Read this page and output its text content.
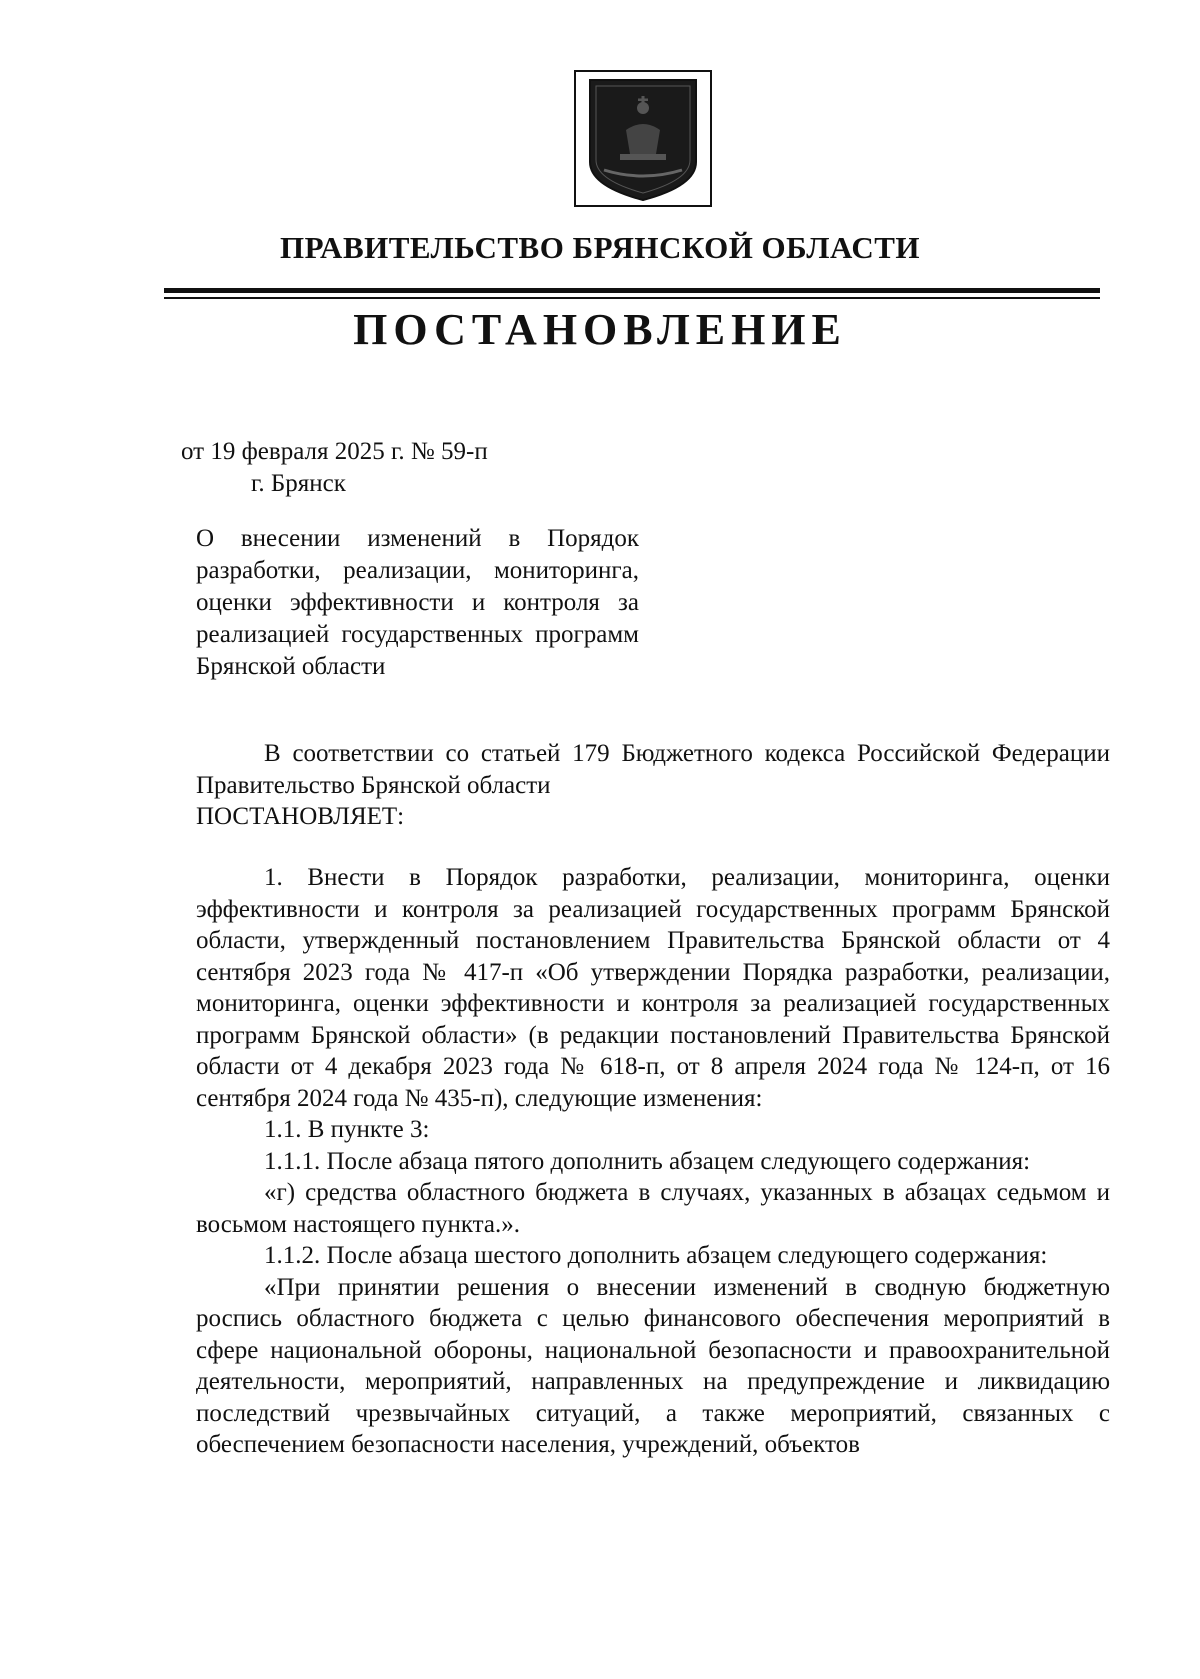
ПРАВИТЕЛЬСТВО БРЯНСКОЙ ОБЛАСТИ
ПОСТАНОВЛЕНИЕ
от 19 февраля 2025 г. № 59-п
г. Брянск
О внесении изменений в Порядок разработки, реализации, мониторинга, оценки эффективности и контроля за реализацией государственных программ Брянской области

В соответствии со статьей 179 Бюджетного кодекса Российской Федерации Правительство Брянской области

ПОСТАНОВЛЯЕТ:

1. Внести в Порядок разработки, реализации, мониторинга, оценки эффективности и контроля за реализацией государственных программ Брянской области, утвержденный постановлением Правительства Брянской области от 4 сентября 2023 года № 417-п «Об утверждении Порядка разработки, реализации, мониторинга, оценки эффективности и контроля за реализацией государственных программ Брянской области» (в редакции постановлений Правительства Брянской области от 4 декабря 2023 года № 618-п, от 8 апреля 2024 года № 124-п, от 16 сентября 2024 года № 435-п), следующие изменения:

1.1. В пункте 3:

1.1.1. После абзаца пятого дополнить абзацем следующего содержания:

«г) средства областного бюджета в случаях, указанных в абзацах седьмом и восьмом настоящего пункта.».

1.1.2. После абзаца шестого дополнить абзацем следующего содержания:

«При принятии решения о внесении изменений в сводную бюджетную роспись областного бюджета с целью финансового обеспечения мероприятий в сфере национальной обороны, национальной безопасности и правоохранительной деятельности, мероприятий, направленных на предупреждение и ликвидацию последствий чрезвычайных ситуаций, а также мероприятий, связанных с обеспечением безопасности населения, учреждений, объектов
